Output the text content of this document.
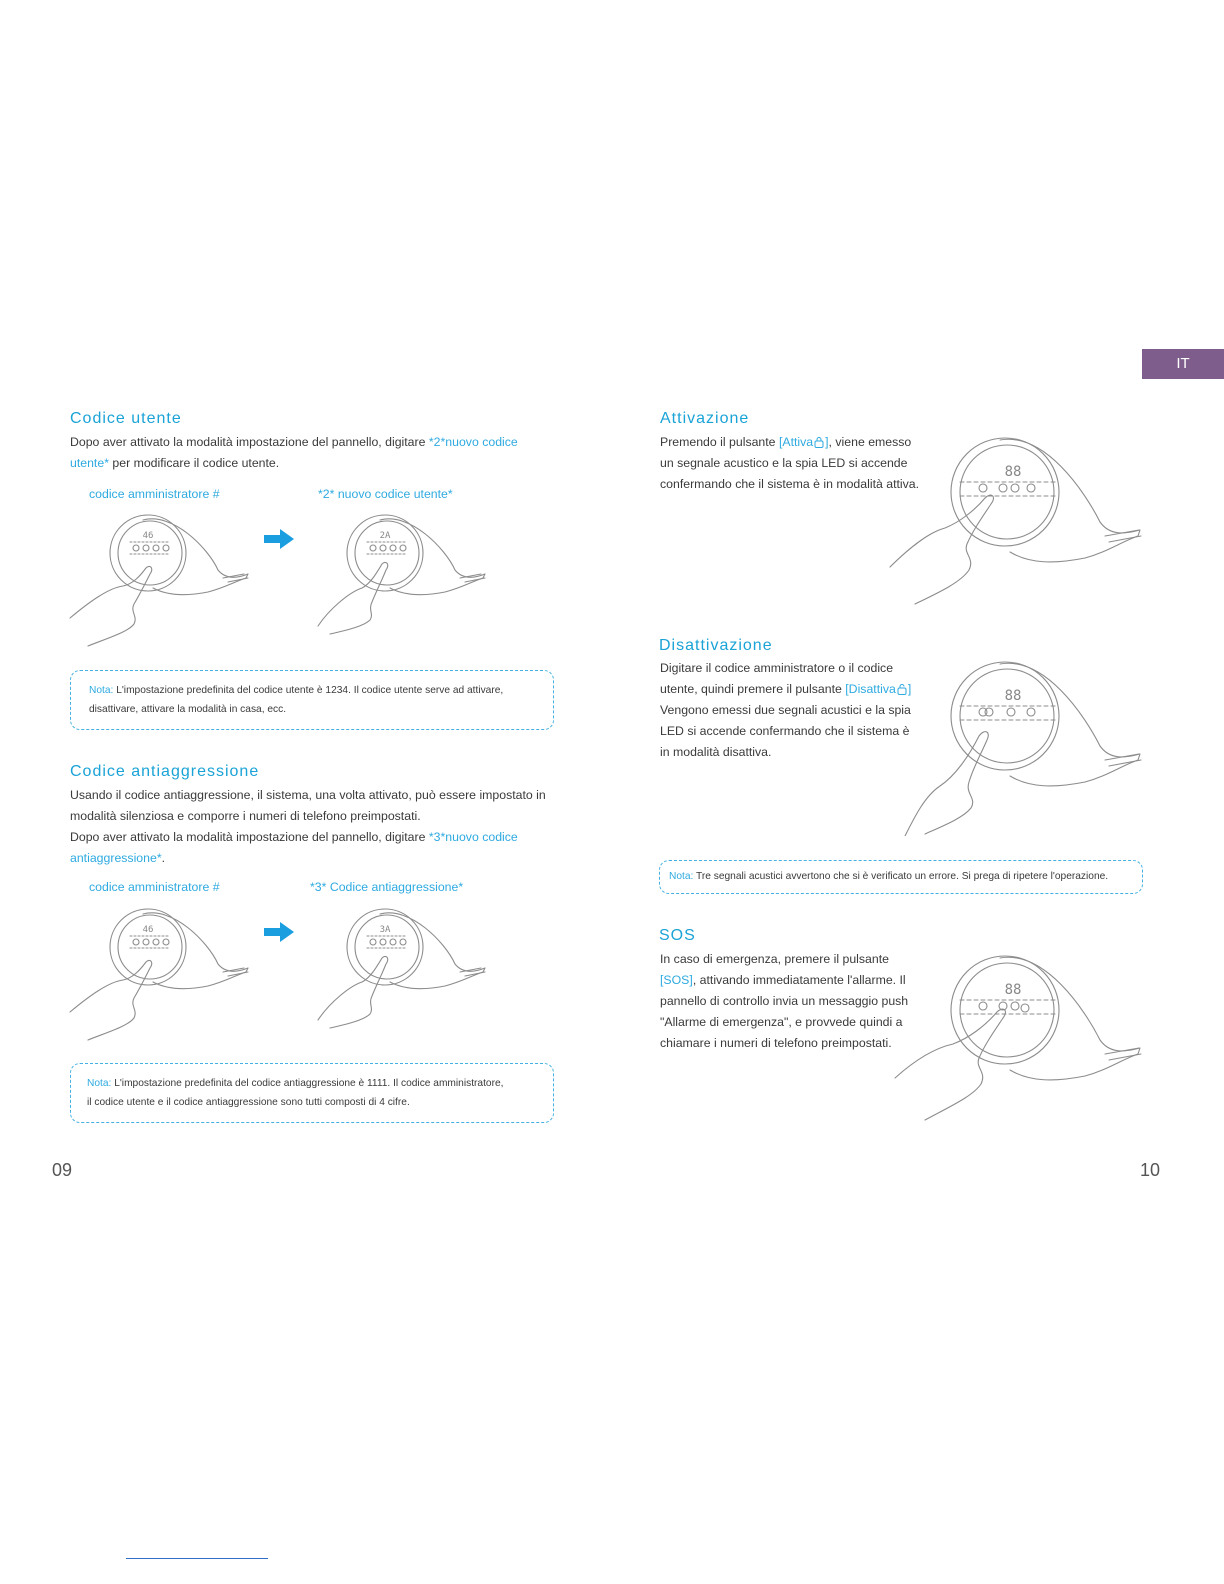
IT
Codice utente
Dopo aver attivato la modalità impostazione del pannello, digitare *2*nuovo codice
utente* per modificare il codice utente.
codice amministratore #	*2* nuovo codice utente*
46	2A
Nota: L'impostazione predefinita del codice utente è 1234. Il codice utente serve ad attivare,
disattivare, attivare la modalità in casa, ecc.
Codice antiaggressione
Usando il codice antiaggressione, il sistema, una volta attivato, può essere impostato in
modalità silenziosa e comporre i numeri di telefono preimpostati.
Dopo aver attivato la modalità impostazione del pannello, digitare *3*nuovo codice
antiaggressione*.
codice amministratore #	*3* Codice antiaggressione*
46	3A
Nota: L'impostazione predefinita del codice antiaggressione è 1111. Il codice amministratore,
il codice utente e il codice antiaggressione sono tutti composti di 4 cifre.
09
Attivazione
Premendo il pulsante [Attiva ], viene emesso
un segnale acustico e la spia LED si accende
confermando che il sistema è in modalità attiva.
88
Disattivazione
Digitare il codice amministratore o il codice
utente, quindi premere il pulsante [Disattiva ]
Vengono emessi due segnali acustici e la spia
LED si accende confermando che il sistema è
in modalità disattiva.
88
Nota: Tre segnali acustici avvertono che si è verificato un errore. Si prega di ripetere l'operazione.
SOS
In caso di emergenza, premere il pulsante
[SOS], attivando immediatamente l'allarme. Il
pannello di controllo invia un messaggio push
"Allarme di emergenza", e provvede quindi a
chiamare i numeri di telefono preimpostati.
88
10
